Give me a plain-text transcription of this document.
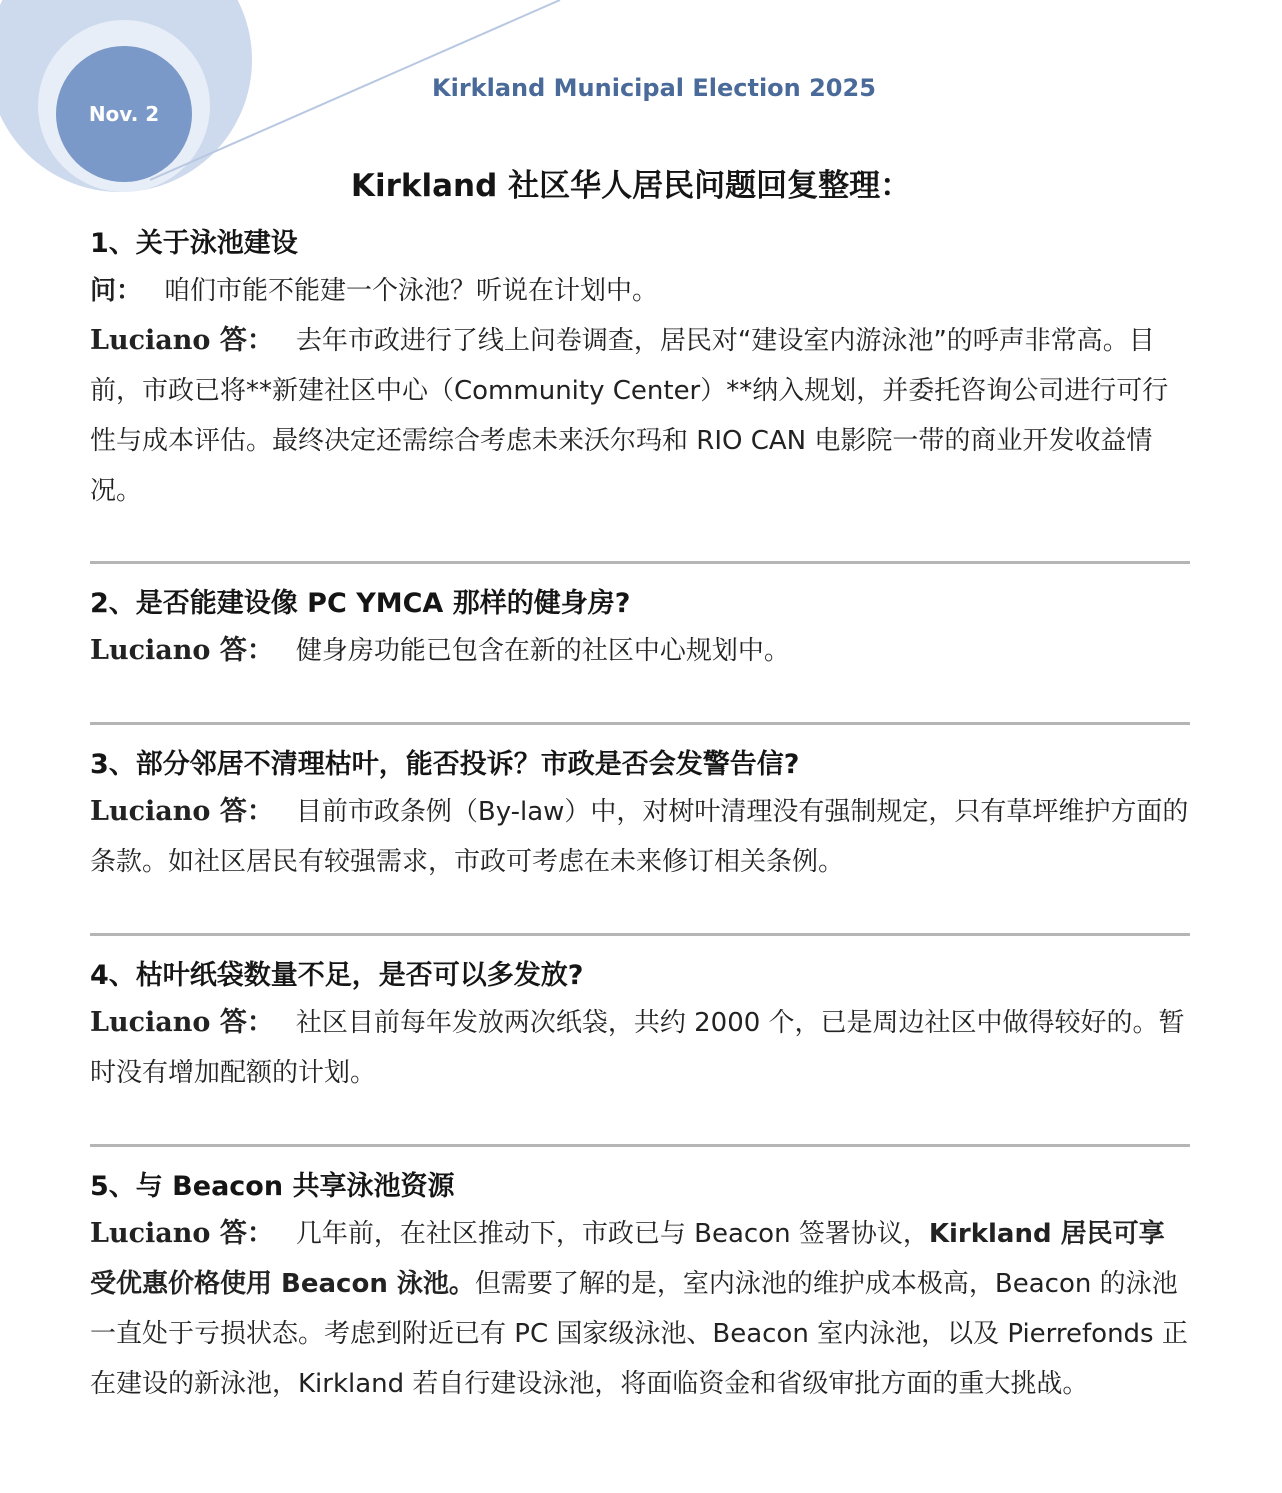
Nov. 2
Kirkland Municipal Election 2025
Kirkland 社区华人居民问题回复整理：
1、关于泳池建设

问： 咱们市能不能建一个泳池？听说在计划中。

Luciano 答： 去年市政进行了线上问卷调查，居民对“建设室内游泳池”的呼声非常高。目前，市政已将**新建社区中心（Community Center）**纳入规划，并委托咨询公司进行可行性与成本评估。最终决定还需综合考虑未来沃尔玛和 RIO CAN 电影院一带的商业开发收益情况。

2、是否能建设像 PC YMCA 那样的健身房?

Luciano 答： 健身房功能已包含在新的社区中心规划中。

3、部分邻居不清理枯叶，能否投诉？市政是否会发警告信?

Luciano 答： 目前市政条例（By-law）中，对树叶清理没有强制规定，只有草坪维护方面的条款。如社区居民有较强需求，市政可考虑在未来修订相关条例。

4、枯叶纸袋数量不足，是否可以多发放?

Luciano 答： 社区目前每年发放两次纸袋，共约 2000 个，已是周边社区中做得较好的。暂时没有增加配额的计划。

5、与 Beacon 共享泳池资源

Luciano 答： 几年前，在社区推动下，市政已与 Beacon 签署协议，Kirkland 居民可享受优惠价格使用 Beacon 泳池。但需要了解的是，室内泳池的维护成本极高，Beacon 的泳池一直处于亏损状态。考虑到附近已有 PC 国家级泳池、Beacon 室内泳池，以及 Pierrefonds 正在建设的新泳池，Kirkland 若自行建设泳池，将面临资金和省级审批方面的重大挑战。
